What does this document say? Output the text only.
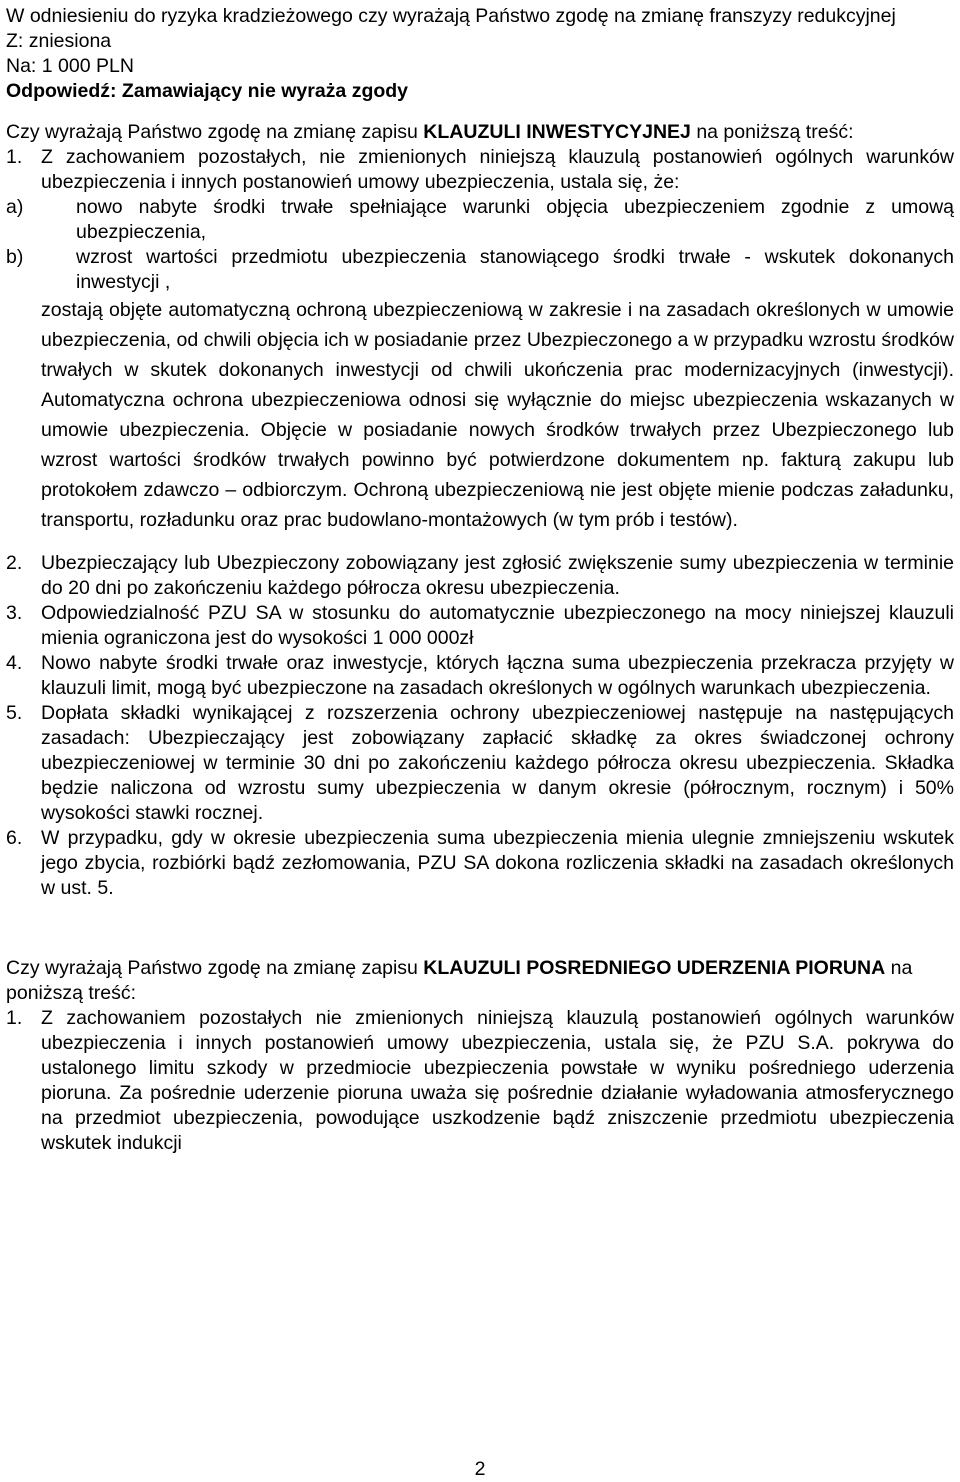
W odniesieniu do ryzyka kradzieżowego czy wyrażają Państwo zgodę na zmianę franszyzy redukcyjnej

Z: zniesiona

Na: 1 000 PLN

Odpowiedź: Zamawiający nie wyraża zgody

Czy wyrażają Państwo zgodę na zmianę zapisu KLAUZULI INWESTYCYJNEJ na poniższą treść:

1. Z zachowaniem pozostałych, nie zmienionych niniejszą klauzulą postanowień ogólnych warunków ubezpieczenia i innych postanowień umowy ubezpieczenia, ustala się, że:

a)	nowo nabyte środki trwałe spełniające warunki objęcia ubezpieczeniem zgodnie z umową ubezpieczenia,

b)	wzrost wartości przedmiotu ubezpieczenia stanowiącego środki trwałe - wskutek dokonanych inwestycji ,

zostają objęte automatyczną ochroną ubezpieczeniową w zakresie i na zasadach określonych w umowie ubezpieczenia, od chwili objęcia ich w posiadanie przez Ubezpieczonego a w przypadku wzrostu środków trwałych w skutek dokonanych inwestycji od chwili ukończenia prac modernizacyjnych (inwestycji). Automatyczna ochrona ubezpieczeniowa odnosi się wyłącznie do miejsc ubezpieczenia wskazanych w umowie ubezpieczenia. Objęcie w posiadanie nowych środków trwałych przez Ubezpieczonego lub wzrost wartości środków trwałych powinno być potwierdzone dokumentem np. fakturą zakupu lub protokołem zdawczo – odbiorczym. Ochroną ubezpieczeniową nie jest objęte mienie podczas załadunku, transportu, rozładunku oraz prac budowlano-montażowych (w tym prób i testów).

2. Ubezpieczający lub Ubezpieczony zobowiązany jest zgłosić zwiększenie sumy ubezpieczenia w terminie do 20 dni po zakończeniu każdego półrocza okresu ubezpieczenia.

3. Odpowiedzialność PZU SA w stosunku do automatycznie ubezpieczonego na mocy niniejszej klauzuli mienia ograniczona jest do wysokości 1 000 000zł

4. Nowo nabyte środki trwałe oraz inwestycje, których łączna suma ubezpieczenia przekracza przyjęty w klauzuli limit, mogą być ubezpieczone na zasadach określonych w ogólnych warunkach ubezpieczenia.

5. Dopłata składki wynikającej z rozszerzenia ochrony ubezpieczeniowej następuje na następujących zasadach: Ubezpieczający jest zobowiązany zapłacić składkę za okres świadczonej ochrony ubezpieczeniowej w terminie 30 dni po zakończeniu każdego półrocza okresu ubezpieczenia. Składka będzie naliczona od wzrostu sumy ubezpieczenia w danym okresie (półrocznym, rocznym) i 50% wysokości stawki rocznej.

6. W przypadku, gdy w okresie ubezpieczenia suma ubezpieczenia mienia ulegnie zmniejszeniu wskutek jego zbycia, rozbiórki bądź zezłomowania, PZU SA dokona rozliczenia składki na zasadach określonych w ust. 5.

Czy wyrażają Państwo zgodę na zmianę zapisu KLAUZULI POSREDNIEGO UDERZENIA PIORUNA na poniższą treść:

1. Z zachowaniem pozostałych nie zmienionych niniejszą klauzulą postanowień ogólnych warunków ubezpieczenia i innych postanowień umowy ubezpieczenia, ustala się, że PZU S.A. pokrywa do ustalonego limitu szkody w przedmiocie ubezpieczenia powstałe w wyniku pośredniego uderzenia pioruna. Za pośrednie uderzenie pioruna uważa się pośrednie działanie wyładowania atmosferycznego na przedmiot ubezpieczenia, powodujące uszkodzenie bądź zniszczenie przedmiotu ubezpieczenia wskutek indukcji

2
